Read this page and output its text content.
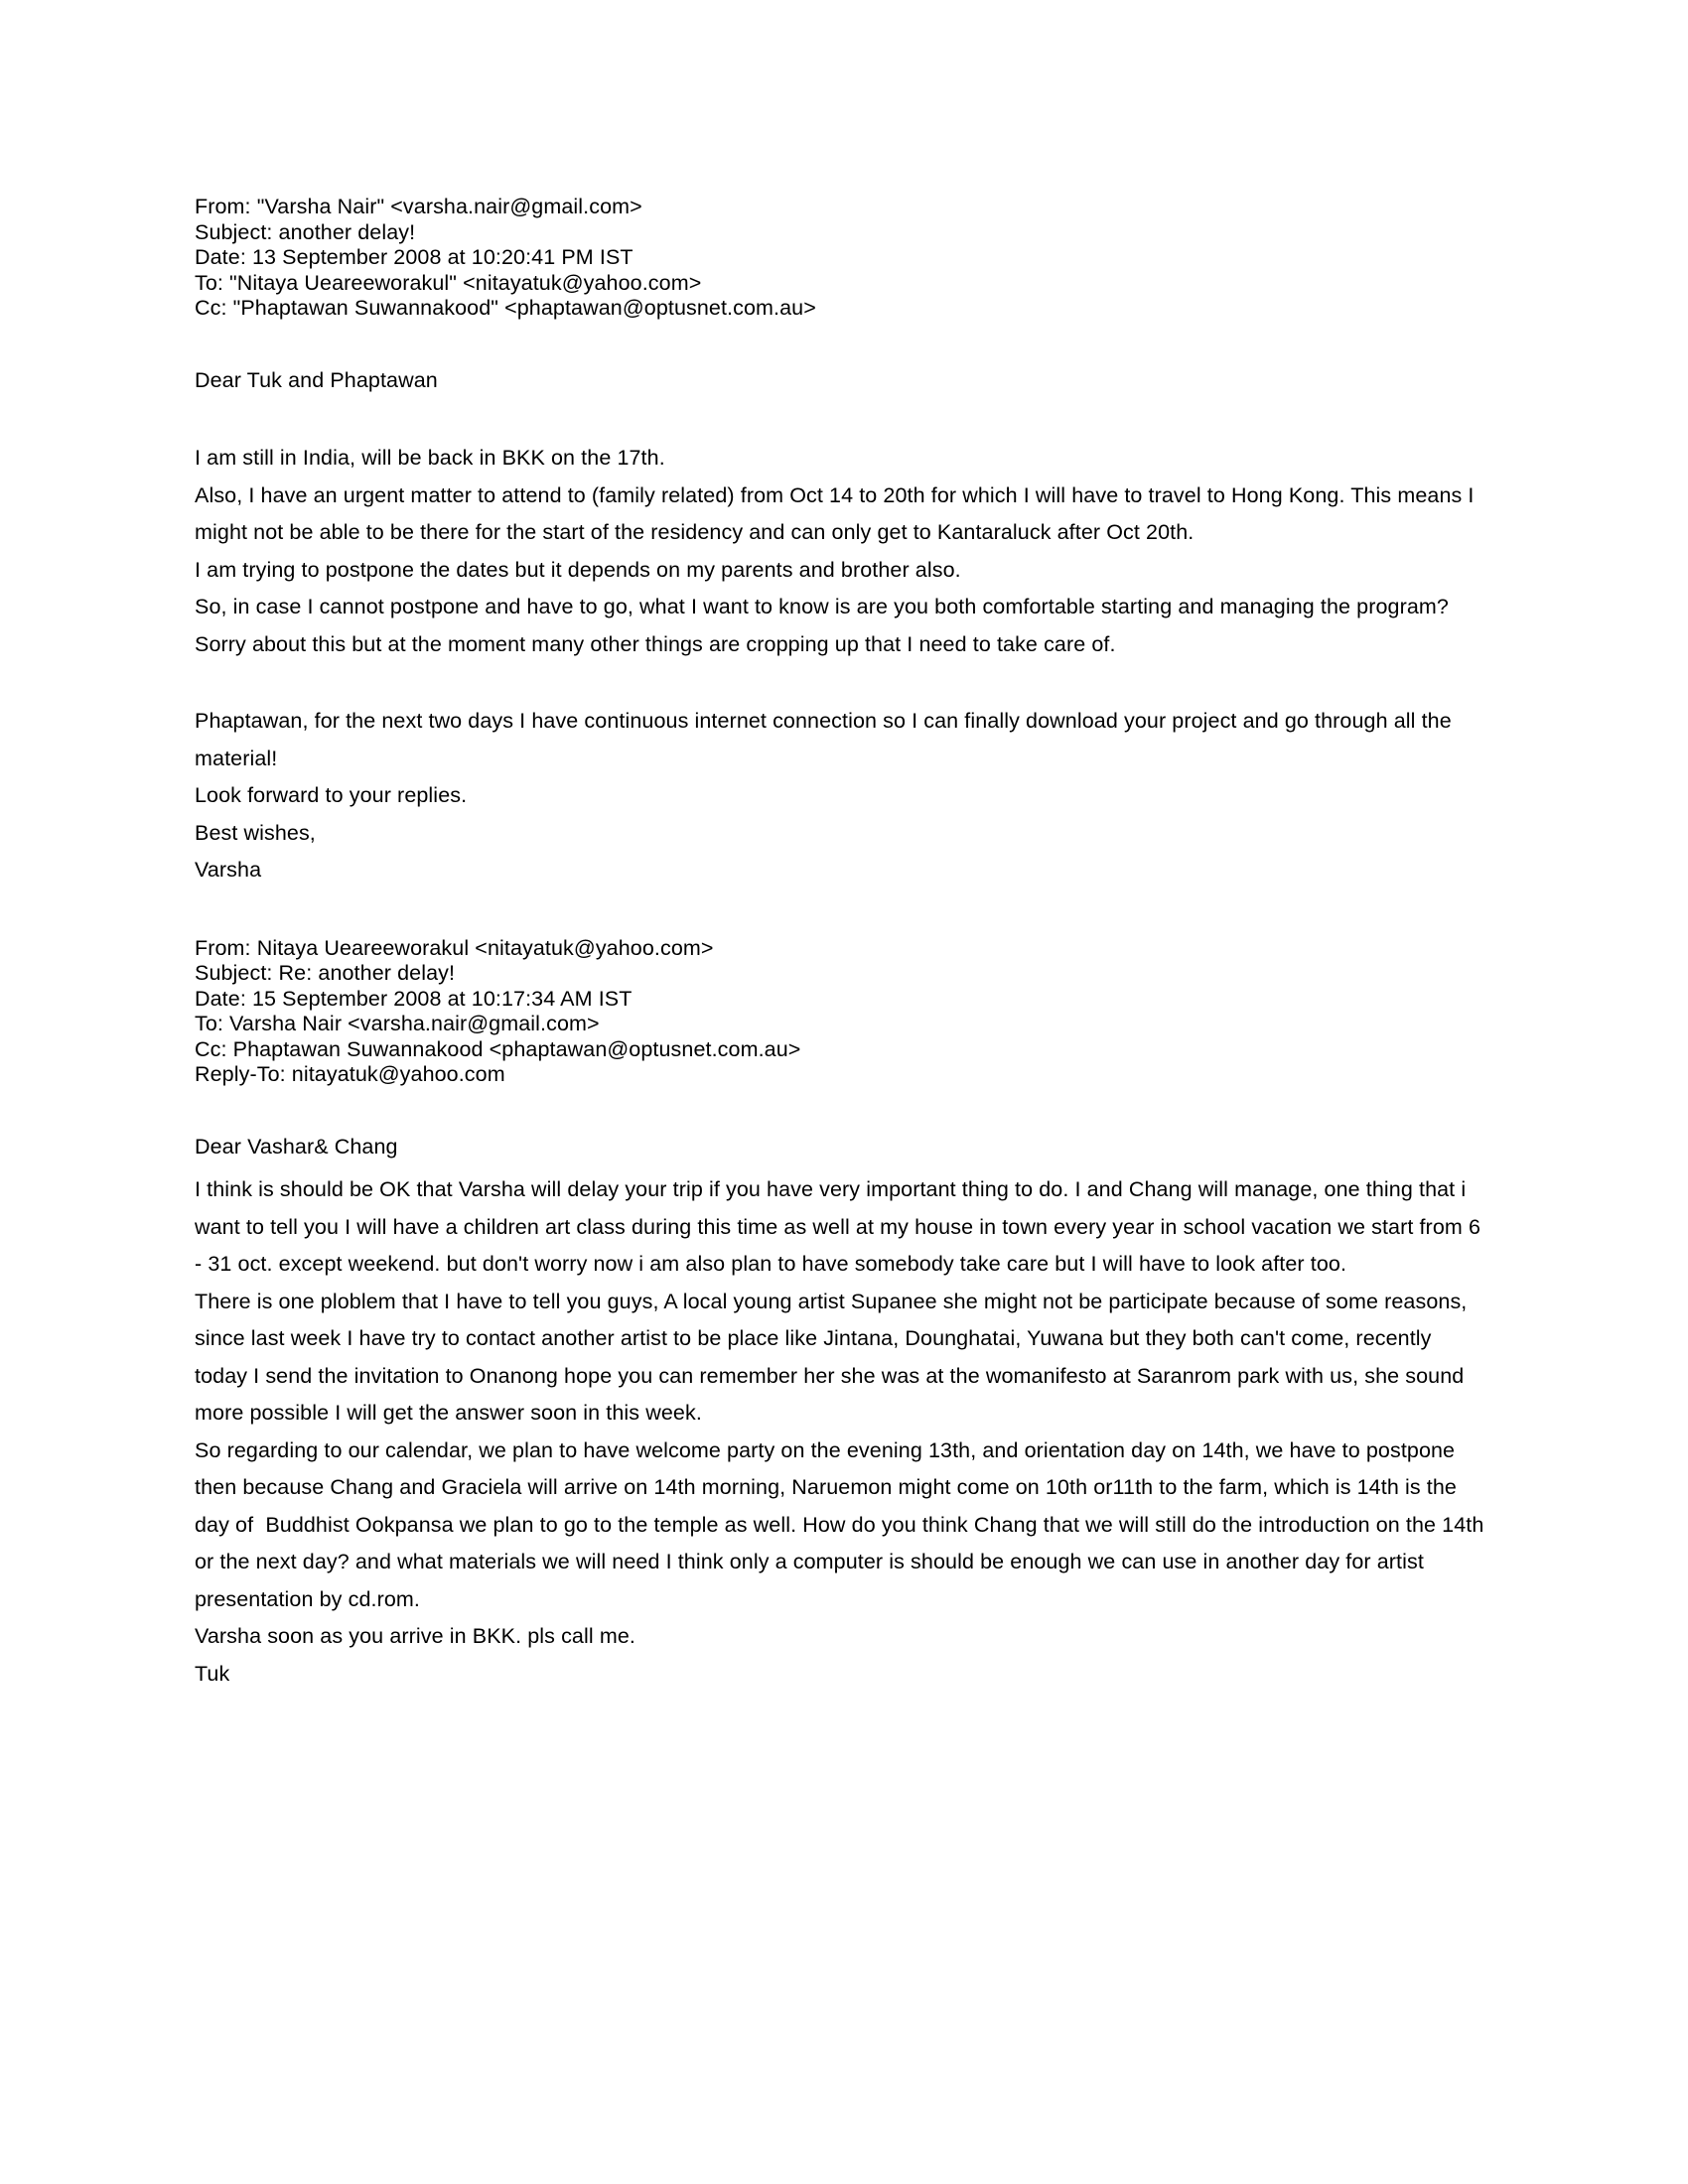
From: "Varsha Nair" <varsha.nair@gmail.com>
Subject: another delay!
Date: 13 September 2008 at 10:20:41 PM IST
To: "Nitaya Ueareeworakul" <nitayatuk@yahoo.com>
Cc: "Phaptawan Suwannakood" <phaptawan@optusnet.com.au>

Dear Tuk and Phaptawan

I am still in India, will be back in BKK on the 17th.

Also, I have an urgent matter to attend to (family related) from Oct 14 to 20th for which I will have to travel to Hong Kong. This means I might not be able to be there for the start of the residency and can only get to Kantaraluck after Oct 20th.

I am trying to postpone the dates but it depends on my parents and brother also.

So, in case I cannot postpone and have to go, what I want to know is are you both comfortable starting and managing the program?

Sorry about this but at the moment many other things are cropping up that I need to take care of.

Phaptawan, for the next two days I have continuous internet connection so I can finally download your project and go through all the material!

Look forward to your replies.

Best wishes,

Varsha

From: Nitaya Ueareeworakul <nitayatuk@yahoo.com>
Subject: Re: another delay!
Date: 15 September 2008 at 10:17:34 AM IST
To: Varsha Nair <varsha.nair@gmail.com>
Cc: Phaptawan Suwannakood <phaptawan@optusnet.com.au>
Reply-To: nitayatuk@yahoo.com

Dear Vashar& Chang

I think is should be OK that Varsha will delay your trip if you have very important thing to do. I and Chang will manage, one thing that i want to tell you I will have a children art class during this time as well at my house in town every year in school vacation we start from 6 - 31 oct. except weekend. but don't worry now i am also plan to have somebody take care but I will have to look after too.

There is one ploblem that I have to tell you guys, A local young artist Supanee she might not be participate because of some reasons, since last week I have try to contact another artist to be place like Jintana, Dounghatai, Yuwana but they both can't come, recently today I send the invitation to Onanong hope you can remember her she was at the womanifesto at Saranrom park with us, she sound more possible I will get the answer soon in this week.

So regarding to our calendar, we plan to have welcome party on the evening 13th, and orientation day on 14th, we have to postpone then because Chang and Graciela will arrive on 14th morning, Naruemon might come on 10th or11th to the farm, which is 14th is the day of  Buddhist Ookpansa we plan to go to the temple as well. How do you think Chang that we will still do the introduction on the 14th or the next day? and what materials we will need I think only a computer is should be enough we can use in another day for artist presentation by cd.rom.

Varsha soon as you arrive in BKK. pls call me.

Tuk
